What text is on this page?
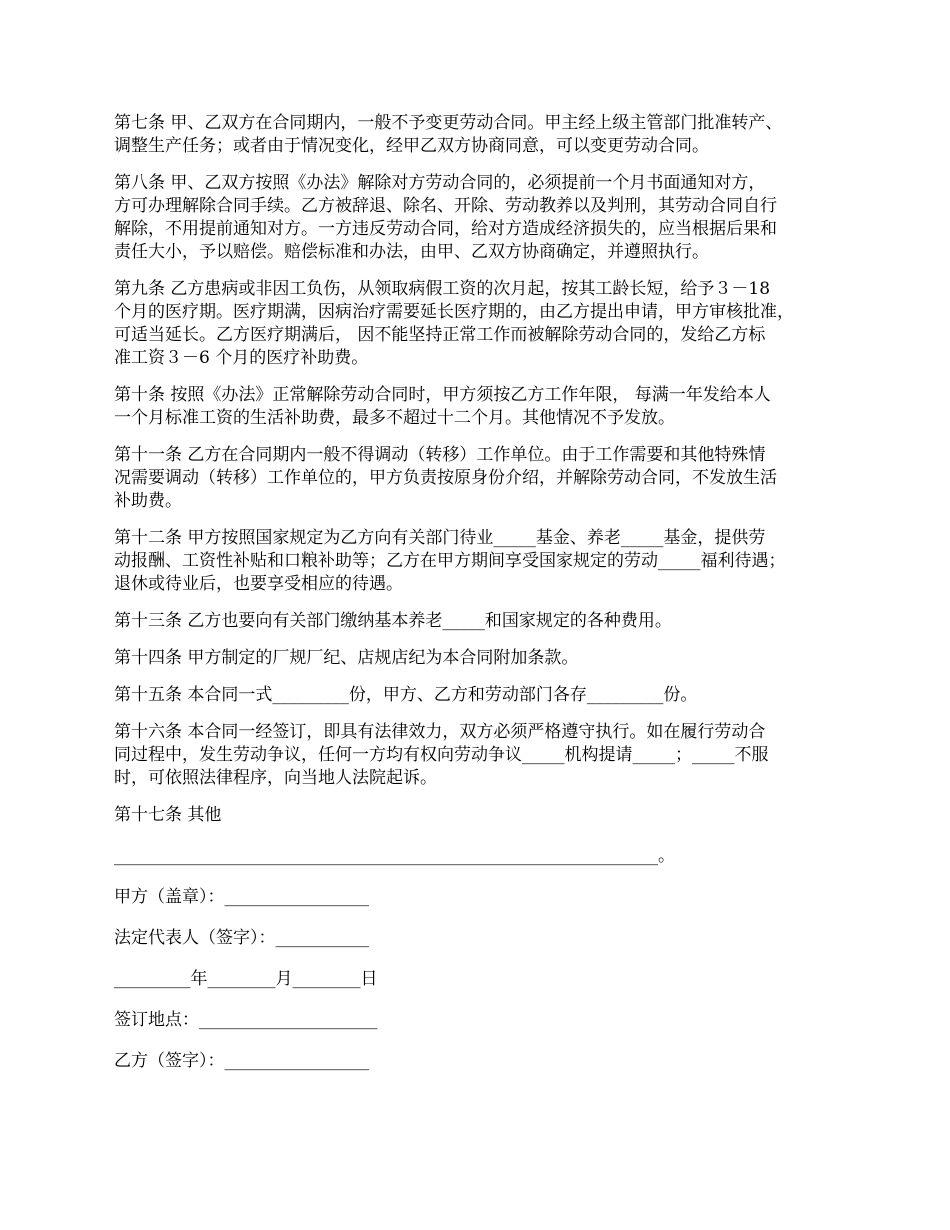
第七条 甲、乙双方在合同期内，一般不予变更劳动合同。甲主经上级主管部门批准转产、
调整生产任务；或者由于情况变化，经甲乙双方协商同意，可以变更劳动合同。
第八条 甲、乙双方按照《办法》解除对方劳动合同的，必须提前一个月书面通知对方，
方可办理解除合同手续。乙方被辞退、除名、开除、劳动教养以及判刑，其劳动合同自行
解除，不用提前通知对方。一方违反劳动合同，给对方造成经济损失的，应当根据后果和
责任大小，予以赔偿。赔偿标准和办法，由甲、乙双方协商确定，并遵照执行。
第九条 乙方患病或非因工负伤，从领取病假工资的次月起，按其工龄长短，给予３－18
个月的医疗期。医疗期满，因病治疗需要延长医疗期的，由乙方提出申请，甲方审核批准，
可适当延长。乙方医疗期满后， 因不能坚持正常工作而被解除劳动合同的，发给乙方标
准工资３－6 个月的医疗补助费。
第十条 按照《办法》正常解除劳动合同时，甲方须按乙方工作年限， 每满一年发给本人
一个月标准工资的生活补助费，最多不超过十二个月。其他情况不予发放。
第十一条 乙方在合同期内一般不得调动（转移）工作单位。由于工作需要和其他特殊情
况需要调动（转移）工作单位的，甲方负责按原身份介绍，并解除劳动合同，不发放生活
补助费。
第十二条 甲方按照国家规定为乙方向有关部门待业_____基金、养老_____基金，提供劳
动报酬、工资性补贴和口粮补助等；乙方在甲方期间享受国家规定的劳动_____福利待遇；
退休或待业后，也要享受相应的待遇。
第十三条 乙方也要向有关部门缴纳基本养老_____和国家规定的各种费用。
第十四条 甲方制定的厂规厂纪、店规店纪为本合同附加条款。
第十五条 本合同一式_________份，甲方、乙方和劳动部门各存_________份。
第十六条 本合同一经签订，即具有法律效力，双方必须严格遵守执行。如在履行劳动合
同过程中，发生劳动争议，任何一方均有权向劳动争议_____机构提请_____；_____不服
时，可依照法律程序，向当地人法院起诉。
第十七条 其他
________________________________________________________________。
甲方（盖章）：_________________
法定代表人（签字）：___________
_________年________月________日
签订地点：_____________________
乙方（签字）：_________________
